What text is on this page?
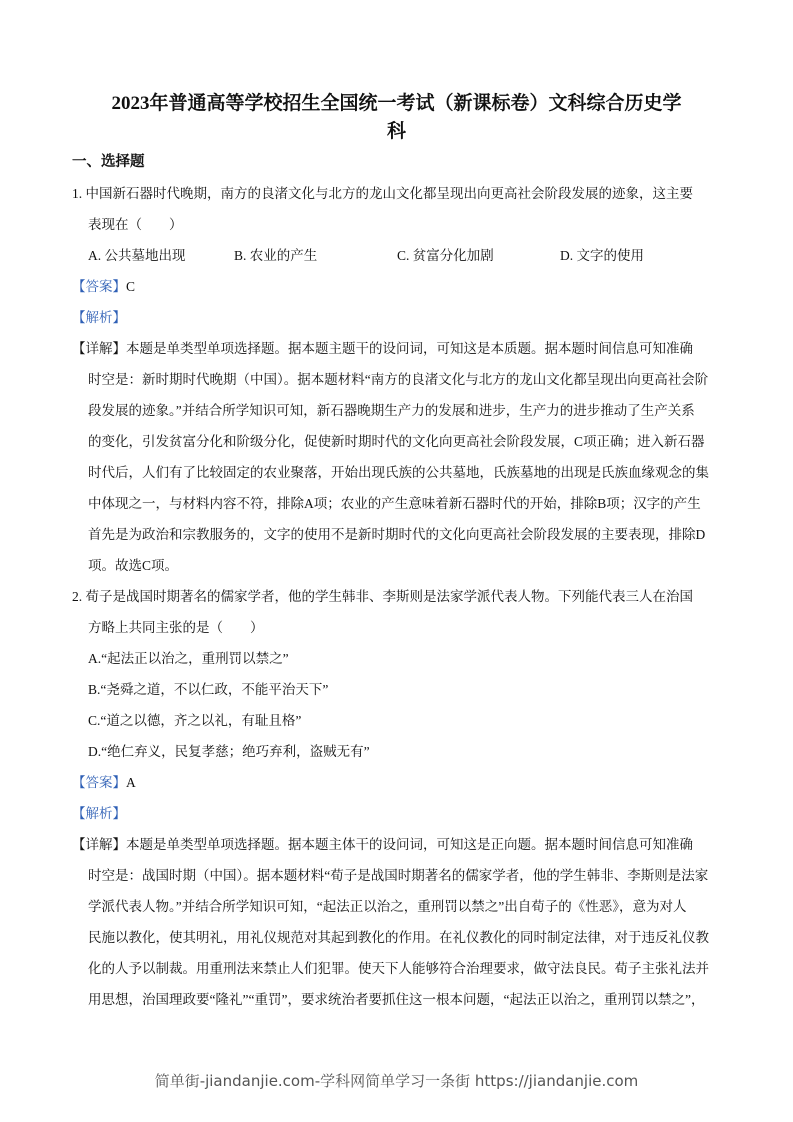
2023年普通高等学校招生全国统一考试（新课标卷）文科综合历史学
科
一、选择题
1. 中国新石器时代晚期，南方的良渚文化与北方的龙山文化都呈现出向更高社会阶段发展的迹象，这主要
表现在（　　）
A. 公共墓地出现	B. 农业的产生	C. 贫富分化加剧	D. 文字的使用
【答案】C
【解析】
简单街-jiandanjie.com-学科网简单学习一条街 https://jiandanjie.com
【详解】本题是单类型单项选择题。据本题主题干的设问词，可知这是本质题。据本题时间信息可知准确
时空是：新时期时代晚期（中国）。据本题材料“南方的良渚文化与北方的龙山文化都呈现出向更高社会阶
段发展的迹象。”并结合所学知识可知，新石器晚期生产力的发展和进步，生产力的进步推动了生产关系
的变化，引发贫富分化和阶级分化，促使新时期时代的文化向更高社会阶段发展，C项正确；进入新石器
时代后，人们有了比较固定的农业聚落，开始出现氏族的公共墓地，氏族墓地的出现是氏族血缘观念的集
中体现之一，与材料内容不符，排除A项；农业的产生意味着新石器时代的开始，排除B项；汉字的产生
首先是为政治和宗教服务的，文字的使用不是新时期时代的文化向更高社会阶段发展的主要表现，排除D
项。故选C项。
2. 荀子是战国时期著名的儒家学者，他的学生韩非、李斯则是法家学派代表人物。下列能代表三人在治国
方略上共同主张的是（　　）
A.“起法正以治之，重刑罚以禁之”
B.“尧舜之道，不以仁政，不能平治天下”
C.“道之以德，齐之以礼，有耻且格”
D.“绝仁弃义，民复孝慈；绝巧弃利，盗贼无有”
【答案】A
【解析】
【详解】本题是单类型单项选择题。据本题主体干的设问词，可知这是正向题。据本题时间信息可知准确
时空是：战国时期（中国）。据本题材料“荀子是战国时期著名的儒家学者，他的学生韩非、李斯则是法家
学派代表人物。”并结合所学知识可知，“起法正以治之，重刑罚以禁之”出自荀子的《性恶》，意为对人
民施以教化，使其明礼，用礼仪规范对其起到教化的作用。在礼仪教化的同时制定法律，对于违反礼仪教
化的人予以制裁。用重刑法来禁止人们犯罪。使天下人能够符合治理要求，做守法良民。荀子主张礼法并
用思想，治国理政要“隆礼”“重罚”，要求统治者要抓住这一根本问题，“起法正以治之，重刑罚以禁之”，
